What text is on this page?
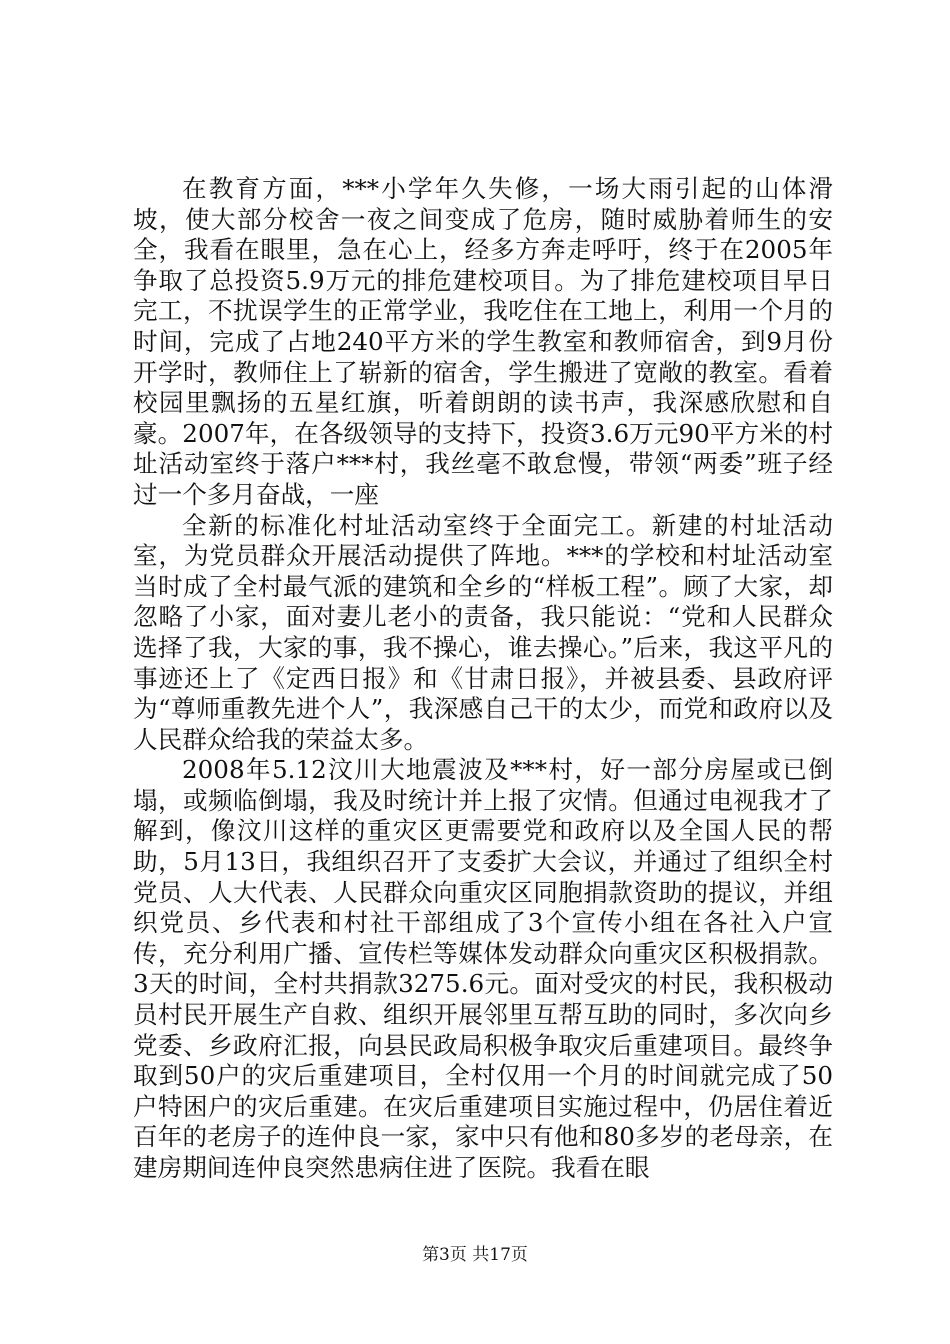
在教育方面，***小学年久失修，一场大雨引起的山体滑坡，使大部分校舍一夜之间变成了危房，随时威胁着师生的安全，我看在眼里，急在心上，经多方奔走呼吁，终于在2005年争取了总投资5.9万元的排危建校项目。为了排危建校项目早日完工，不扰误学生的正常学业，我吃住在工地上，利用一个月的时间，完成了占地240平方米的学生教室和教师宿舍，到9月份开学时，教师住上了崭新的宿舍，学生搬进了宽敞的教室。看着校园里飘扬的五星红旗，听着朗朗的读书声，我深感欣慰和自豪。2007年，在各级领导的支持下，投资3.6万元90平方米的村址活动室终于落户***村，我丝毫不敢怠慢，带领“两委”班子经过一个多月奋战，一座

全新的标准化村址活动室终于全面完工。新建的村址活动室，为党员群众开展活动提供了阵地。***的学校和村址活动室当时成了全村最气派的建筑和全乡的“样板工程”。顾了大家，却忽略了小家，面对妻儿老小的责备，我只能说：“党和人民群众选择了我，大家的事，我不操心，谁去操心。”后来，我这平凡的事迹还上了《定西日报》和《甘肃日报》，并被县委、县政府评为“尊师重教先进个人”，我深感自己干的太少，而党和政府以及人民群众给我的荣益太多。

2008年5.12汶川大地震波及***村，好一部分房屋或已倒塌，或频临倒塌，我及时统计并上报了灾情。但通过电视我才了解到，像汶川这样的重灾区更需要党和政府以及全国人民的帮助，5月13日，我组织召开了支委扩大会议，并通过了组织全村党员、人大代表、人民群众向重灾区同胞捐款资助的提议，并组织党员、乡代表和村社干部组成了3个宣传小组在各社入户宣传，充分利用广播、宣传栏等媒体发动群众向重灾区积极捐款。3天的时间，全村共捐款3275.6元。面对受灾的村民，我积极动员村民开展生产自救、组织开展邻里互帮互助的同时，多次向乡党委、乡政府汇报，向县民政局积极争取灾后重建项目。最终争取到50户的灾后重建项目，全村仅用一个月的时间就完成了50户特困户的灾后重建。在灾后重建项目实施过程中，仍居住着近百年的老房子的连仲良一家，家中只有他和80多岁的老母亲，在建房期间连仲良突然患病住进了医院。我看在眼

第3页 共17页
